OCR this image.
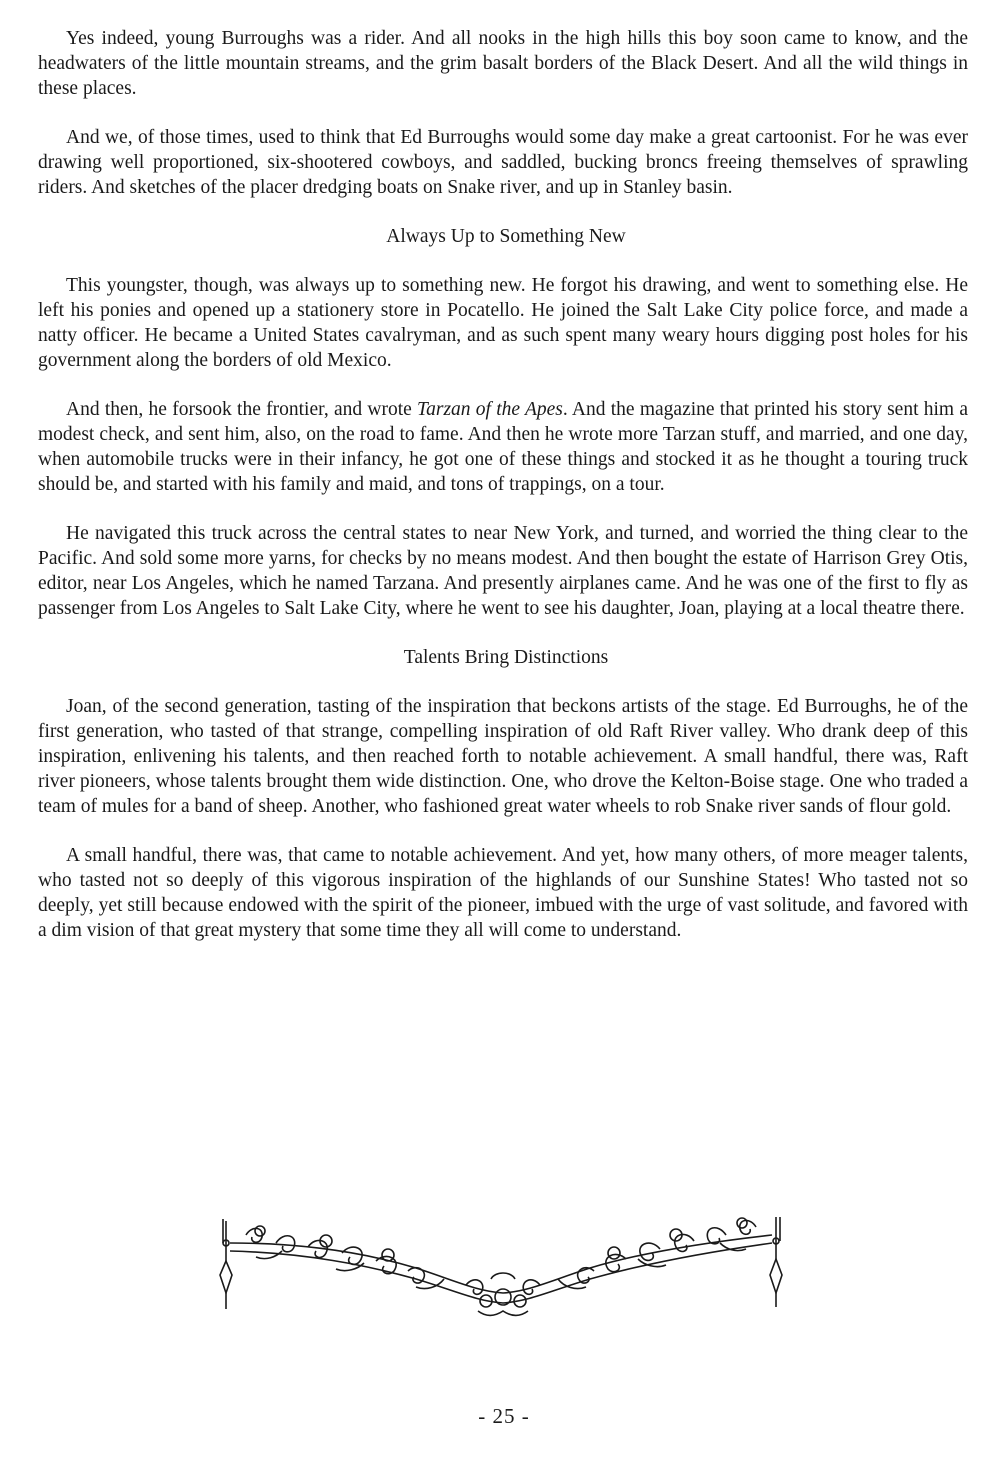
Yes indeed, young Burroughs was a rider. And all nooks in the high hills this boy soon came to know, and the headwaters of the little mountain streams, and the grim basalt borders of the Black Desert. And all the wild things in these places.

And we, of those times, used to think that Ed Burroughs would some day make a great cartoonist. For he was ever drawing well proportioned, six-shootered cowboys, and saddled, bucking broncs freeing themselves of sprawling riders. And sketches of the placer dredging boats on Snake river, and up in Stanley basin.

Always Up to Something New

This youngster, though, was always up to something new. He forgot his drawing, and went to something else. He left his ponies and opened up a stationery store in Pocatello. He joined the Salt Lake City police force, and made a natty officer. He became a United States cavalryman, and as such spent many weary hours digging post holes for his government along the borders of old Mexico.

And then, he forsook the frontier, and wrote Tarzan of the Apes. And the magazine that printed his story sent him a modest check, and sent him, also, on the road to fame. And then he wrote more Tarzan stuff, and married, and one day, when automobile trucks were in their infancy, he got one of these things and stocked it as he thought a touring truck should be, and started with his family and maid, and tons of trappings, on a tour.

He navigated this truck across the central states to near New York, and turned, and worried the thing clear to the Pacific. And sold some more yarns, for checks by no means modest. And then bought the estate of Harrison Grey Otis, editor, near Los Angeles, which he named Tarzana. And presently airplanes came. And he was one of the first to fly as passenger from Los Angeles to Salt Lake City, where he went to see his daughter, Joan, playing at a local theatre there.

Talents Bring Distinctions

Joan, of the second generation, tasting of the inspiration that beckons artists of the stage. Ed Burroughs, he of the first generation, who tasted of that strange, compelling inspiration of old Raft River valley. Who drank deep of this inspiration, enlivening his talents, and then reached forth to notable achievement. A small handful, there was, Raft river pioneers, whose talents brought them wide distinction. One, who drove the Kelton-Boise stage. One who traded a team of mules for a band of sheep. Another, who fashioned great water wheels to rob Snake river sands of flour gold.

A small handful, there was, that came to notable achievement. And yet, how many others, of more meager talents, who tasted not so deeply of this vigorous inspiration of the highlands of our Sunshine States! Who tasted not so deeply, yet still because endowed with the spirit of the pioneer, imbued with the urge of vast solitude, and favored with a dim vision of that great mystery that some time they all will come to understand.

- 25 -
